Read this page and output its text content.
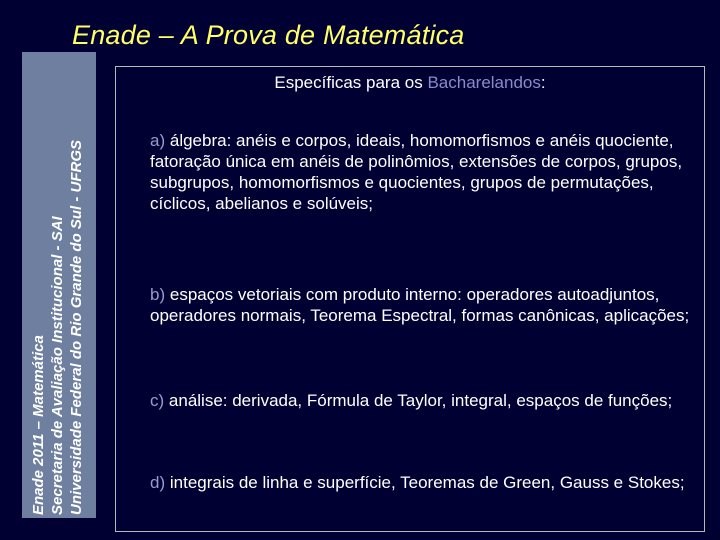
Enade – A Prova de Matemática
Enade 2011 – Matemática Secretaria de Avaliação Institucional - SAI Universidade Federal do Rio Grande do Sul - UFRGS
Específicas para os Bacharelandos:
a) álgebra: anéis e corpos, ideais, homomorfismos e anéis quociente, fatoração única em anéis de polinômios, extensões de corpos, grupos, subgrupos, homomorfismos e quocientes, grupos de permutações, cíclicos, abelianos e solúveis;
b) espaços vetoriais com produto interno: operadores autoadjuntos, operadores normais, Teorema Espectral, formas canônicas, aplicações;
c) análise: derivada, Fórmula de Taylor, integral, espaços de funções;
d) integrais de linha e superfície, Teoremas de Green, Gauss e Stokes;
